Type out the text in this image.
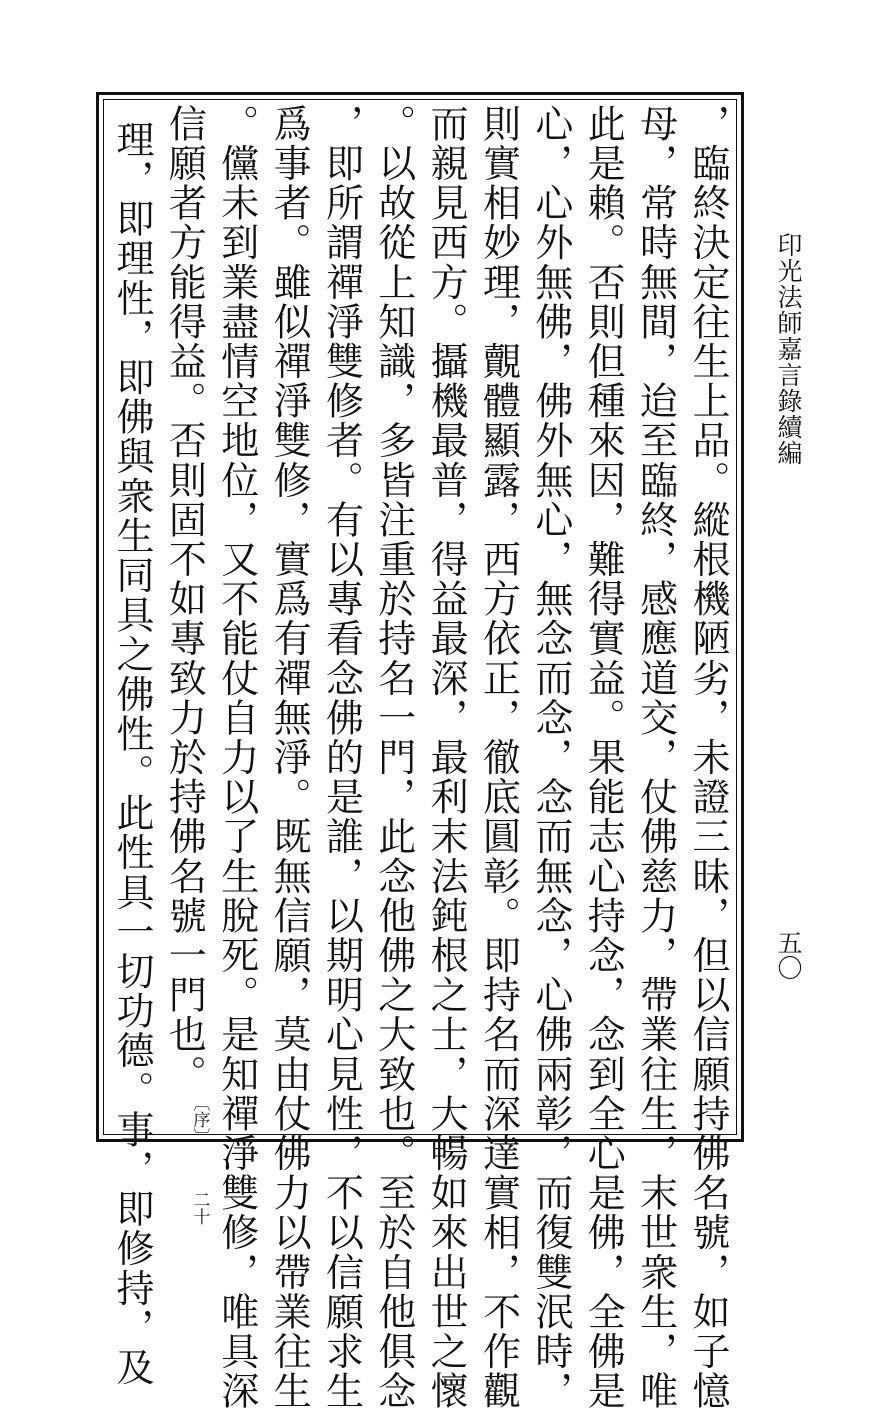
，臨終決定往生上品。縱根機陋劣，未證三昧，但以信願持佛名號，如子憶
母，常時無間，迨至臨終，感應道交，仗佛慈力，帶業往生，末世衆生，唯
此是賴。否則但種來因，難得實益。果能志心持念，念到全心是佛，全佛是
心，心外無佛，佛外無心，無念而念，念而無念，心佛兩彰，而復雙泯時，
則實相妙理，覿體顯露，西方依正，徹底圓彰。即持名而深達實相，不作觀
而親見西方。攝機最普，得益最深，最利末法鈍根之士，大暢如來出世之懷
。以故從上知識，多皆注重於持名一門，此念他佛之大致也。至於自他俱念
，即所謂禪淨雙修者。有以專看念佛的是誰，以期明心見性，不以信願求生
爲事者。雖似禪淨雙修，實爲有禪無淨。既無信願，莫由仗佛力以帶業往生
。儻未到業盡情空地位，又不能仗自力以了生脫死。是知禪淨雙修，唯具深
信願者方能得益。否則固不如專致力於持佛名號一門也。
〔序〕 二十
理，即理性，即佛與衆生同具之佛性。此性具一切功德。事，即修持，及	印光法師嘉言錄續編
五〇
